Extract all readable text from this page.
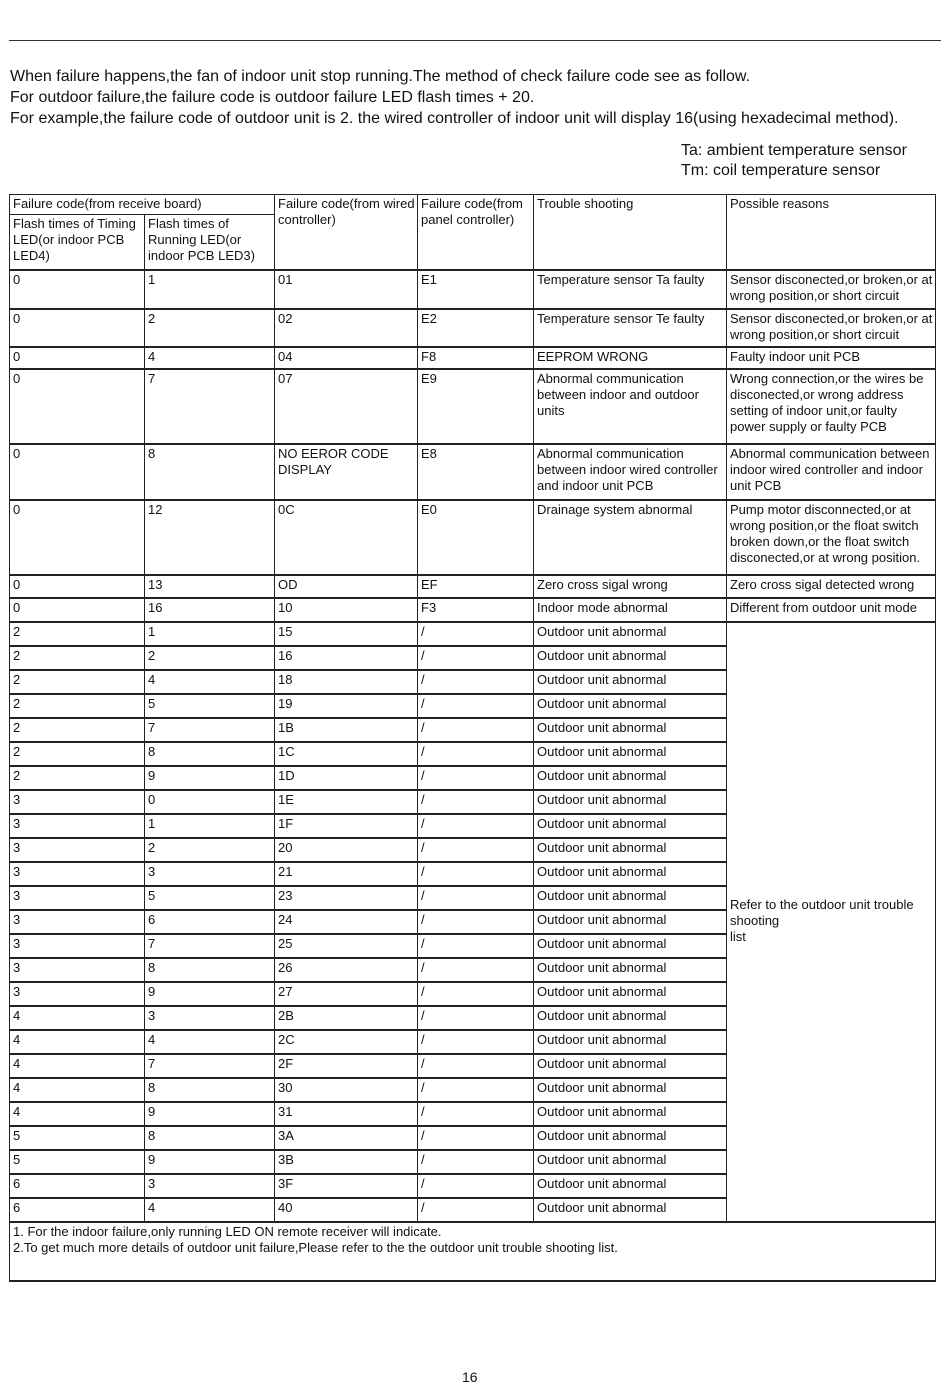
When failure happens,the fan of indoor unit stop running.The method of check failure code see as follow.

For outdoor failure,the failure code is outdoor failure LED flash times + 20.

For example,the failure code of outdoor unit is 2. the wired controller of indoor unit will display 16(using hexadecimal method).

Ta: ambient temperature sensor

Tm: coil temperature sensor

Failure code(from receive board)		Failure code(from wired controller)	Failure code(from panel controller)	Trouble shooting	Possible reasons
Flash times of Timing LED(or indoor PCB LED4)	Flash times of Running LED(or indoor PCB LED3)				
0	1	01	E1	Temperature sensor Ta faulty	Sensor disconected,or broken,or at wrong position,or short circuit
0	2	02	E2	Temperature sensor Te faulty	Sensor disconected,or broken,or at wrong position,or short circuit
0	4	04	F8	EEPROM WRONG	Faulty indoor unit PCB
0	7	07	E9	Abnormal communication between indoor and outdoor units	Wrong connection,or the wires be disconected,or wrong address setting of indoor unit,or faulty power supply or faulty PCB
0	8	NO EEROR CODE DISPLAY	E8	Abnormal communication between indoor wired controller and indoor unit PCB	Abnormal communication between indoor wired controller and indoor unit PCB
0	12	0C	E0	Drainage system abnormal	Pump motor disconnected,or at wrong position,or the float switch broken down,or the float switch disconected,or at wrong position.
0	13	OD	EF	Zero cross sigal wrong	Zero cross sigal detected wrong
0	16	10	F3	Indoor mode abnormal	Different from outdoor unit mode
2	1	15	/	Outdoor unit abnormal	Refer to the outdoor unit trouble
shooting
list

2	2	16	/	Outdoor unit abnormal	
2	4	18	/	Outdoor unit abnormal	
2	5	19	/	Outdoor unit abnormal	
2	7	1B	/	Outdoor unit abnormal	
2	8	1C	/	Outdoor unit abnormal	
2	9	1D	/	Outdoor unit abnormal	
3	0	1E	/	Outdoor unit abnormal	
3	1	1F	/	Outdoor unit abnormal	
3	2	20	/	Outdoor unit abnormal	
3	3	21	/	Outdoor unit abnormal	
3	5	23	/	Outdoor unit abnormal	
3	6	24	/	Outdoor unit abnormal	
3	7	25	/	Outdoor unit abnormal	
3	8	26	/	Outdoor unit abnormal	
3	9	27	/	Outdoor unit abnormal	
4	3	2B	/	Outdoor unit abnormal	
4	4	2C	/	Outdoor unit abnormal	
4	7	2F	/	Outdoor unit abnormal	
4	8	30	/	Outdoor unit abnormal	
4	9	31	/	Outdoor unit abnormal	
5	8	3A	/	Outdoor unit abnormal	
5	9	3B	/	Outdoor unit abnormal	
6	3	3F	/	Outdoor unit abnormal	
6	4	40	/	Outdoor unit abnormal	

1. For the indoor failure,only running LED ON remote receiver will indicate.
2.To get much more details of outdoor unit failure,Please refer to the the outdoor unit trouble shooting list.					
16
